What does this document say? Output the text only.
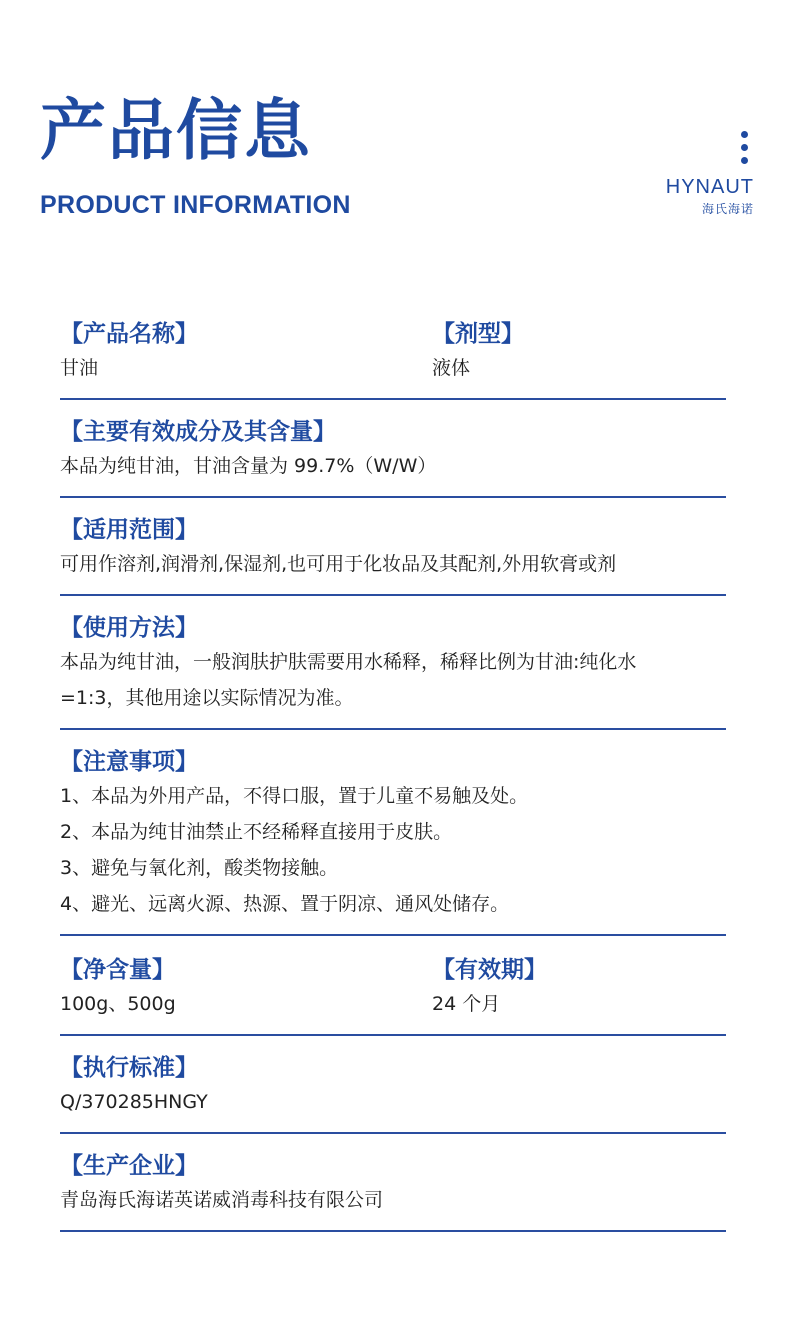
产品信息
PRODUCT INFORMATION
HYNAUT
海氏海诺
【产品名称】
甘油
【剂型】
液体
【主要有效成分及其含量】
本品为纯甘油，甘油含量为 99.7%（W/W）
【适用范围】
可用作溶剂,润滑剂,保湿剂,也可用于化妆品及其配剂,外用软膏或剂
【使用方法】
本品为纯甘油，一般润肤护肤需要用水稀释，稀释比例为甘油:纯化水
=1:3，其他用途以实际情况为准。
【注意事项】
1、本品为外用产品，不得口服，置于儿童不易触及处。
2、本品为纯甘油禁止不经稀释直接用于皮肤。
3、避免与氧化剂，酸类物接触。
4、避光、远离火源、热源、置于阴凉、通风处储存。
【净含量】
100g、500g
【有效期】
24 个月
【执行标准】
Q/370285HNGY
【生产企业】
青岛海氏海诺英诺威消毒科技有限公司
